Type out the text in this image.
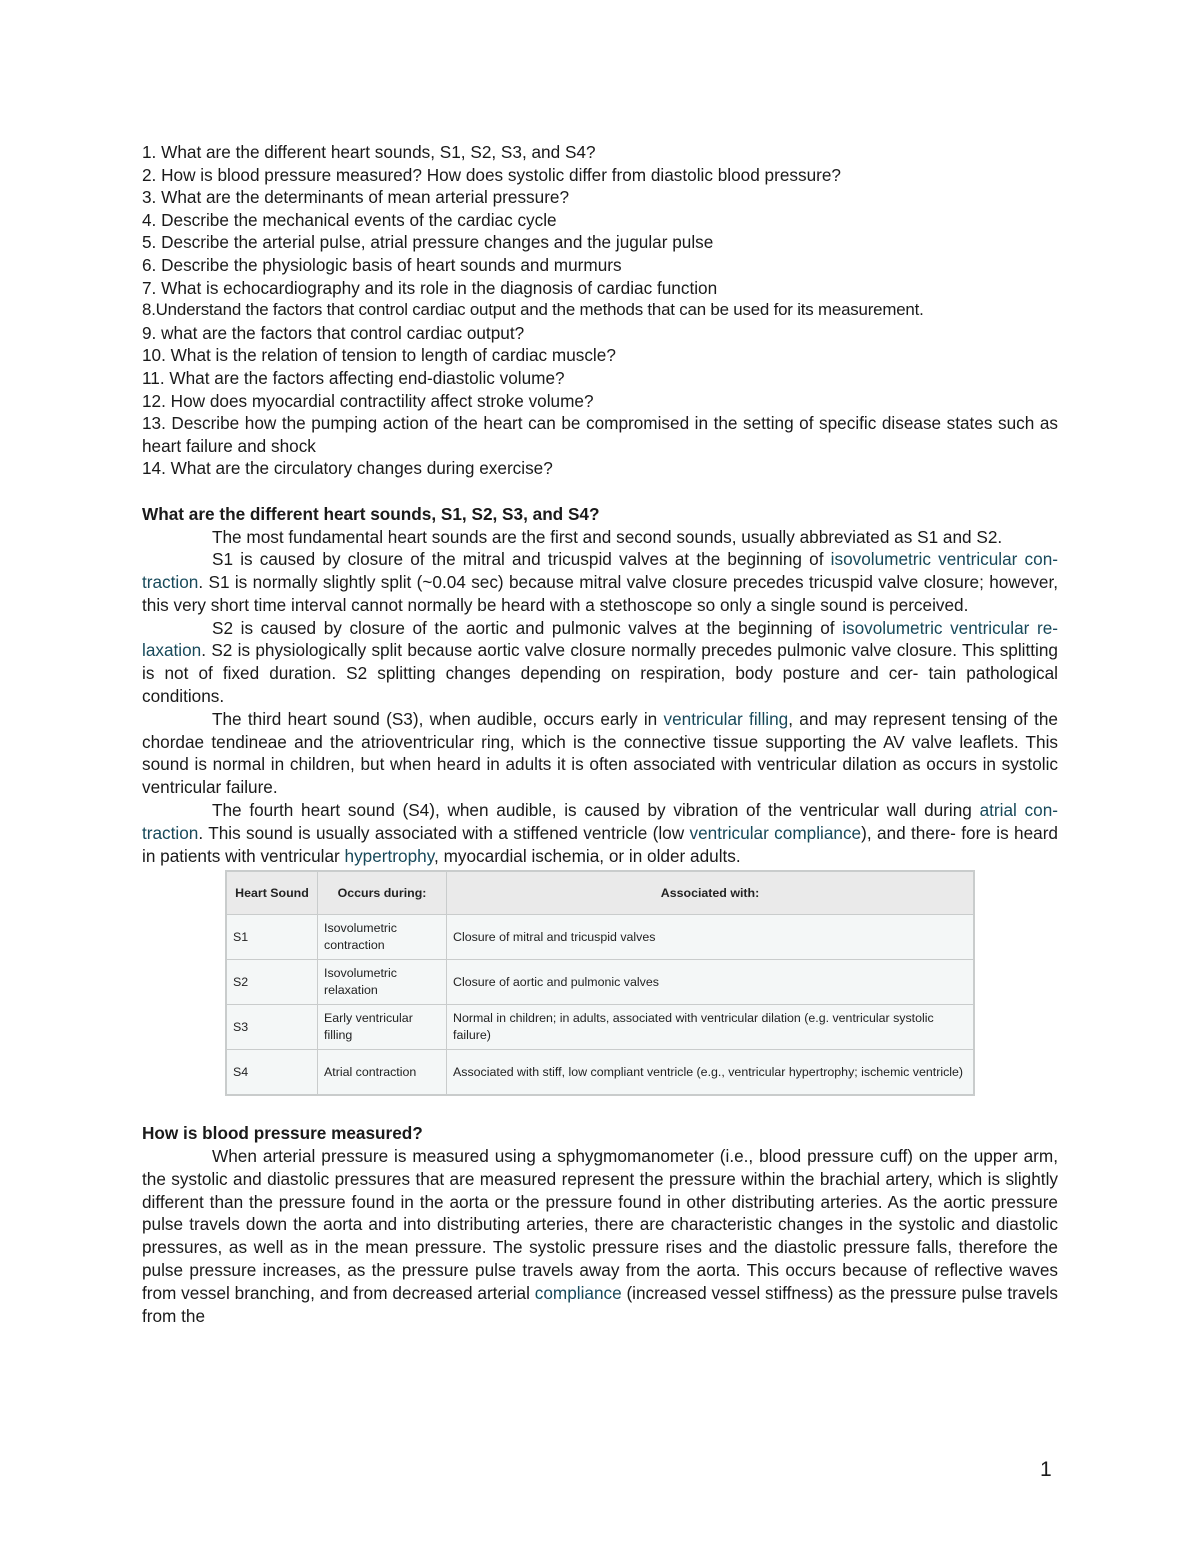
1. What are the different heart sounds, S1, S2, S3, and S4?
2. How is blood pressure measured? How does systolic differ from diastolic blood pressure?
3. What are the determinants of mean arterial pressure?
4. Describe the mechanical events of the cardiac cycle
5. Describe the arterial pulse, atrial pressure changes and the jugular pulse
6. Describe the physiologic basis of heart sounds and murmurs
7. What is echocardiography and its role in the diagnosis of cardiac function
8.Understand the factors that control cardiac output and the methods that can be used for its measurement.
9. what are the factors that control cardiac output?
10. What is the relation of tension to length of cardiac muscle?
11. What are the factors affecting end-diastolic volume?
12. How does myocardial contractility affect stroke volume?
13. Describe how the pumping action of the heart can be compromised in the setting of specific disease states such as heart failure and shock
14. What are the circulatory changes during exercise?
What are the different heart sounds, S1, S2, S3, and S4?

The most fundamental heart sounds are the first and second sounds, usually abbreviated as S1 and S2.

S1 is caused by closure of the mitral and tricuspid valves at the beginning of isovolumetric ventricular con- traction. S1 is normally slightly split (~0.04 sec) because mitral valve closure precedes tricuspid valve closure; however, this very short time interval cannot normally be heard with a stethoscope so only a single sound is perceived.

S2 is caused by closure of the aortic and pulmonic valves at the beginning of isovolumetric ventricular re- laxation. S2 is physiologically split because aortic valve closure normally precedes pulmonic valve closure. This splitting is not of fixed duration. S2 splitting changes depending on respiration, body posture and cer- tain pathological conditions.

The third heart sound (S3), when audible, occurs early in ventricular filling, and may represent tensing of the chordae tendineae and the atrioventricular ring, which is the connective tissue supporting the AV valve leaflets. This sound is normal in children, but when heard in adults it is often associated with ventricular dilation as occurs in systolic ventricular failure.

The fourth heart sound (S4), when audible, is caused by vibration of the ventricular wall during atrial con- traction. This sound is usually associated with a stiffened ventricle (low ventricular compliance), and there- fore is heard in patients with ventricular hypertrophy, myocardial ischemia, or in older adults.

Heart Sound	Occurs during:	Associated with:
S1	Isovolumetric contraction	Closure of mitral and tricuspid valves
S2	Isovolumetric relaxation	Closure of aortic and pulmonic valves
S3	Early ventricular filling	Normal in children; in adults, associated with ventricular dilation (e.g. ventricular systolic failure)
S4	Atrial contraction	Associated with stiff, low compliant ventricle (e.g., ventricular hypertrophy; ischemic ventricle)
How is blood pressure measured?

When arterial pressure is measured using a sphygmomanometer (i.e., blood pressure cuff) on the upper arm, the systolic and diastolic pressures that are measured represent the pressure within the brachial artery, which is slightly different than the pressure found in the aorta or the pressure found in other distributing arteries. As the aortic pressure pulse travels down the aorta and into distributing arteries, there are characteristic changes in the systolic and diastolic pressures, as well as in the mean pressure. The systolic pressure rises and the diastolic pressure falls, therefore the pulse pressure increases, as the pressure pulse travels away from the aorta. This occurs because of reflective waves from vessel branching, and from decreased arterial compliance (increased vessel stiffness) as the pressure pulse travels from the

1
